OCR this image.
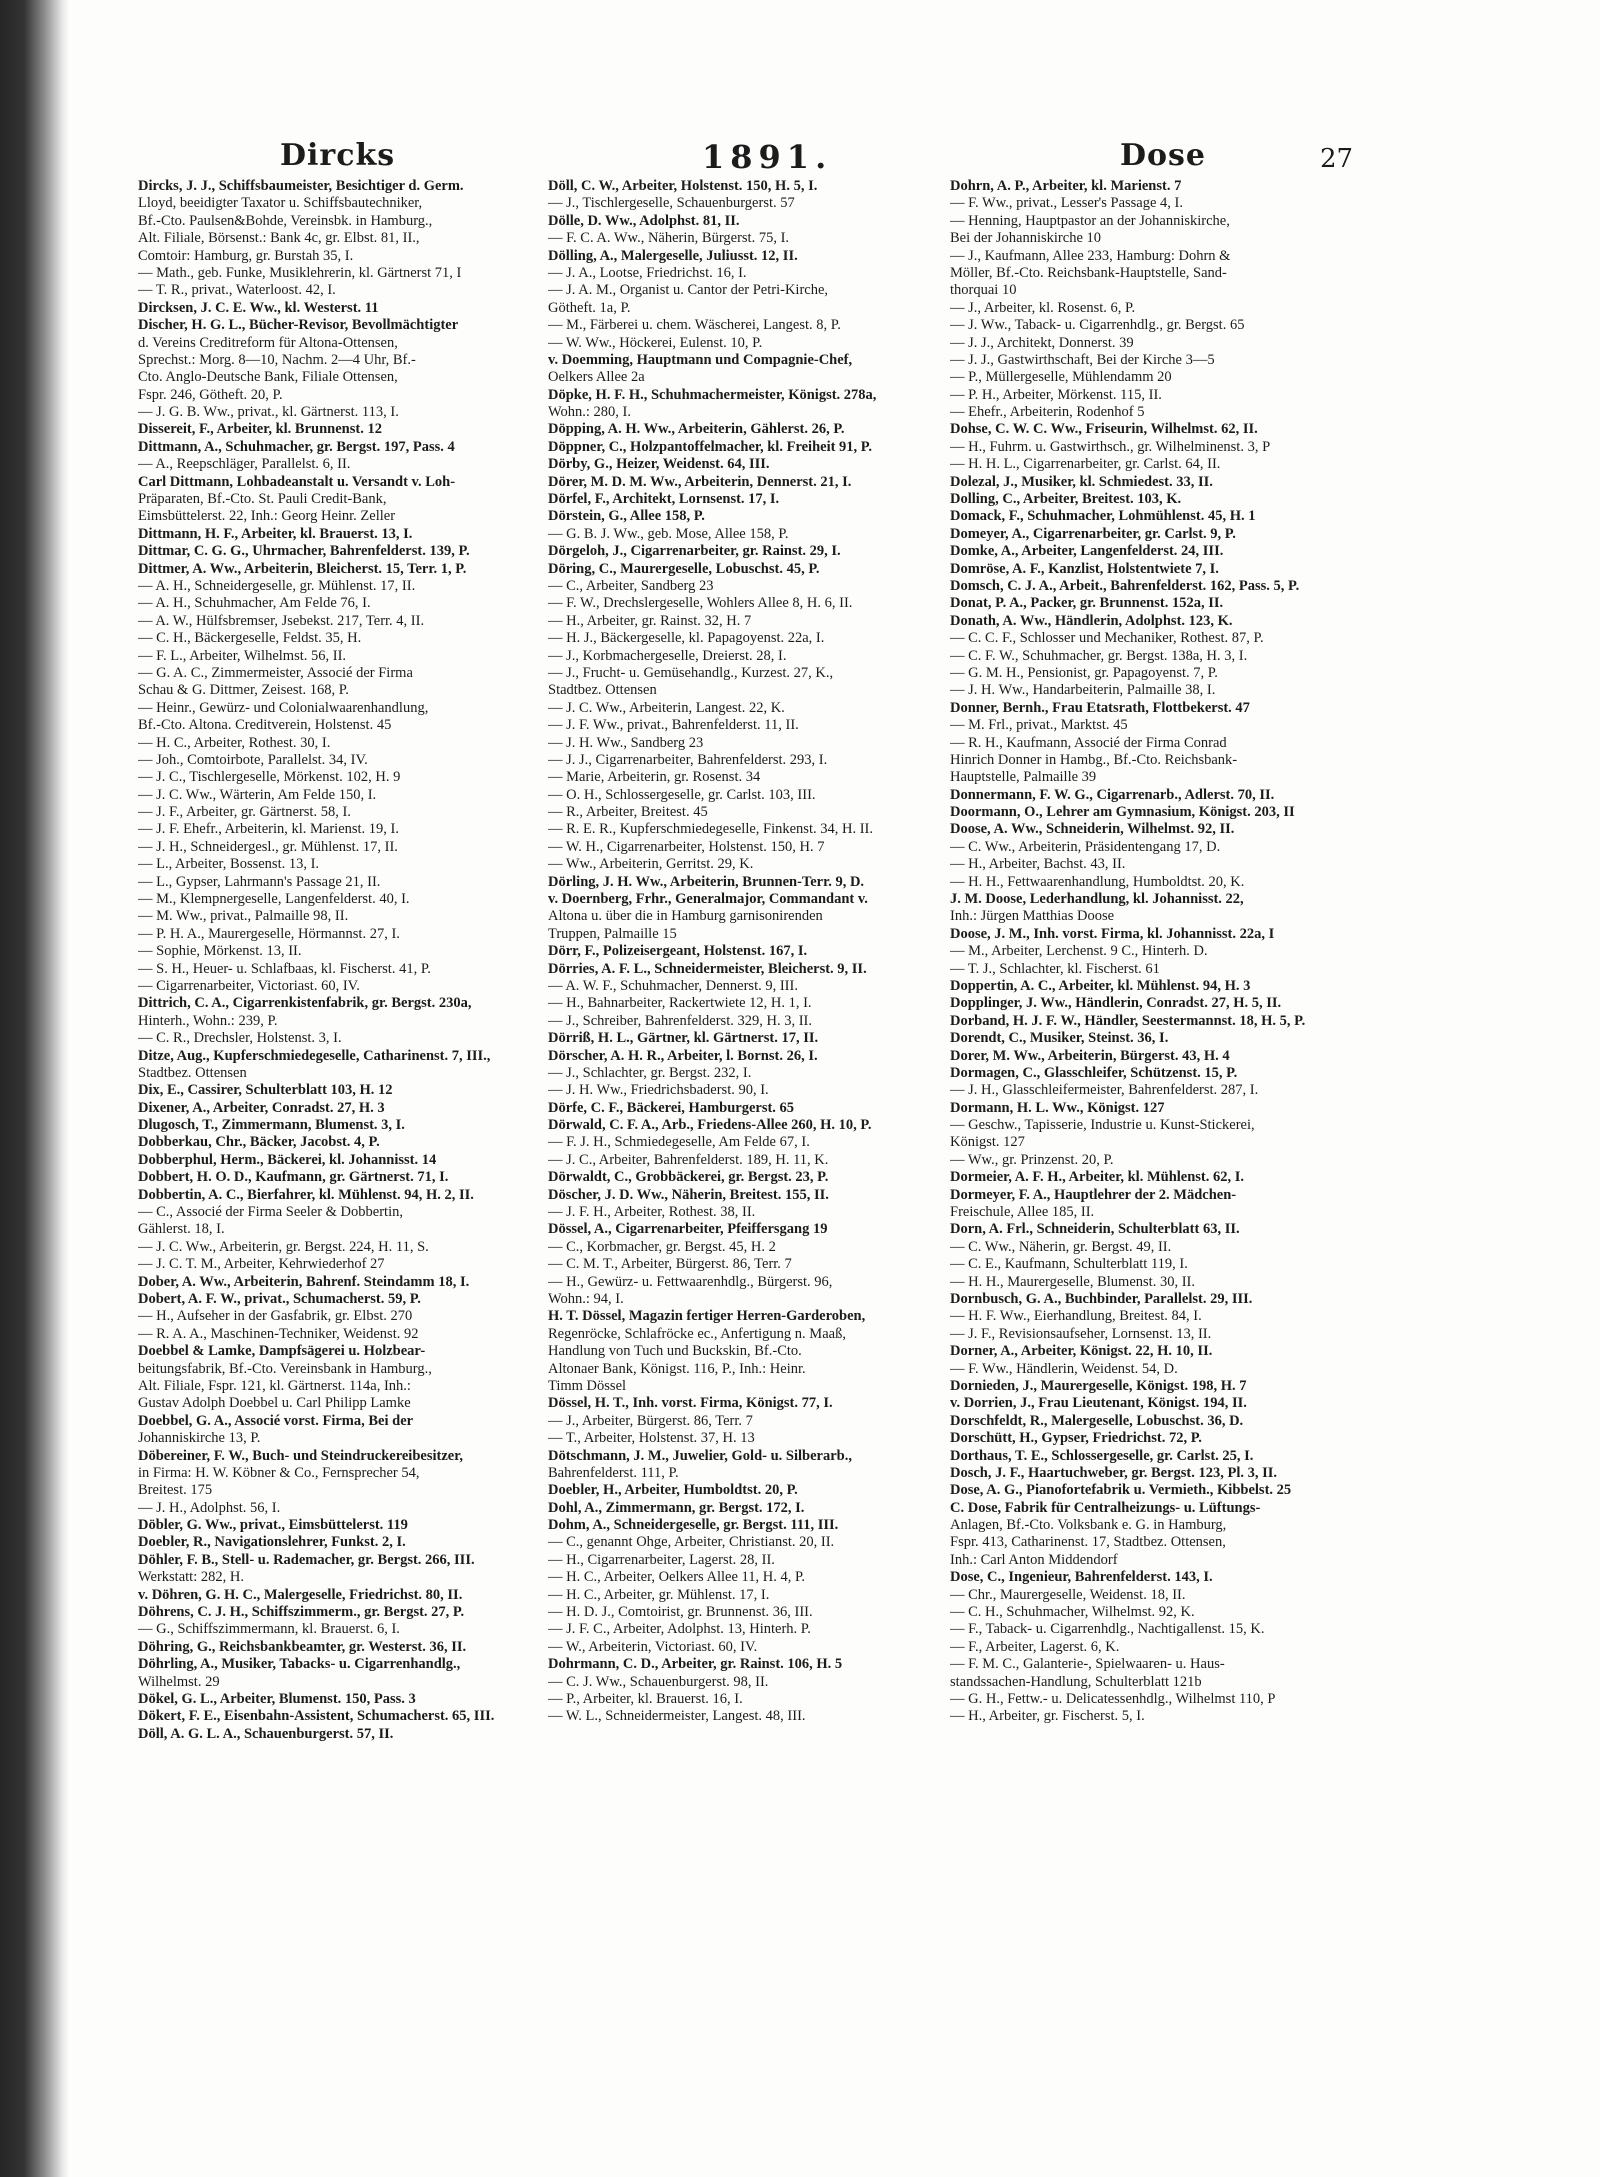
Dircks	1891.	Dose	27
Dircks, J. J., Schiffsbaumeister, Besichtiger d. Germ.
Lloyd, beeidigter Taxator u. Schiffsbautechniker,
Bf.-Cto. Paulsen&Bohde, Vereinsbk. in Hamburg.,
Alt. Filiale, Börsenst.: Bank 4c, gr. Elbst. 81, II.,
Comtoir: Hamburg, gr. Burstah 35, I.
— Math., geb. Funke, Musiklehrerin, kl. Gärtnerst 71, I
— T. R., privat., Waterloost. 42, I.
Dircksen, J. C. E. Ww., kl. Westerst. 11
Discher, H. G. L., Bücher-Revisor, Bevollmächtigter
d. Vereins Creditreform für Altona-Ottensen,
Sprechst.: Morg. 8—10, Nachm. 2—4 Uhr, Bf.-
Cto. Anglo-Deutsche Bank, Filiale Ottensen,
Fspr. 246, Götheft. 20, P.
— J. G. B. Ww., privat., kl. Gärtnerst. 113, I.
Dissereit, F., Arbeiter, kl. Brunnenst. 12
Dittmann, A., Schuhmacher, gr. Bergst. 197, Pass. 4
— A., Reepschläger, Parallelst. 6, II.
Carl Dittmann, Lohbadeanstalt u. Versandt v. Loh-
Präparaten, Bf.-Cto. St. Pauli Credit-Bank,
Eimsbüttelerst. 22, Inh.: Georg Heinr. Zeller
Dittmann, H. F., Arbeiter, kl. Brauerst. 13, I.
Dittmar, C. G. G., Uhrmacher, Bahrenfelderst. 139, P.
Dittmer, A. Ww., Arbeiterin, Bleicherst. 15, Terr. 1, P.
— A. H., Schneidergeselle, gr. Mühlenst. 17, II.
— A. H., Schuhmacher, Am Felde 76, I.
— A. W., Hülfsbremser, Jsebekst. 217, Terr. 4, II.
— C. H., Bäckergeselle, Feldst. 35, H.
— F. L., Arbeiter, Wilhelmst. 56, II.
— G. A. C., Zimmermeister, Associé der Firma
Schau & G. Dittmer, Zeisest. 168, P.
— Heinr., Gewürz- und Colonialwaarenhandlung,
Bf.-Cto. Altona. Creditverein, Holstenst. 45
— H. C., Arbeiter, Rothest. 30, I.
— Joh., Comtoirbote, Parallelst. 34, IV.
— J. C., Tischlergeselle, Mörkenst. 102, H. 9
— J. C. Ww., Wärterin, Am Felde 150, I.
— J. F., Arbeiter, gr. Gärtnerst. 58, I.
— J. F. Ehefr., Arbeiterin, kl. Marienst. 19, I.
— J. H., Schneidergesl., gr. Mühlenst. 17, II.
— L., Arbeiter, Bossenst. 13, I.
— L., Gypser, Lahrmann's Passage 21, II.
— M., Klempnergeselle, Langenfelderst. 40, I.
— M. Ww., privat., Palmaille 98, II.
— P. H. A., Maurergeselle, Hörmannst. 27, I.
— Sophie, Mörkenst. 13, II.
— S. H., Heuer- u. Schlafbaas, kl. Fischerst. 41, P.
— Cigarrenarbeiter, Victoriast. 60, IV.
Dittrich, C. A., Cigarrenkistenfabrik, gr. Bergst. 230a,
Hinterh., Wohn.: 239, P.
— C. R., Drechsler, Holstenst. 3, I.
Ditze, Aug., Kupferschmiedegeselle, Catharinenst. 7, III.,
Stadtbez. Ottensen
Dix, E., Cassirer, Schulterblatt 103, H. 12
Dixener, A., Arbeiter, Conradst. 27, H. 3
Dlugosch, T., Zimmermann, Blumenst. 3, I.
Dobberkau, Chr., Bäcker, Jacobst. 4, P.
Dobberphul, Herm., Bäckerei, kl. Johannisst. 14
Dobbert, H. O. D., Kaufmann, gr. Gärtnerst. 71, I.
Dobbertin, A. C., Bierfahrer, kl. Mühlenst. 94, H. 2, II.
— C., Associé der Firma Seeler & Dobbertin,
Gählerst. 18, I.
— J. C. Ww., Arbeiterin, gr. Bergst. 224, H. 11, S.
— J. C. T. M., Arbeiter, Kehrwiederhof 27
Dober, A. Ww., Arbeiterin, Bahrenf. Steindamm 18, I.
Dobert, A. F. W., privat., Schumacherst. 59, P.
— H., Aufseher in der Gasfabrik, gr. Elbst. 270
— R. A. A., Maschinen-Techniker, Weidenst. 92
Doebbel & Lamke, Dampfsägerei u. Holzbear-
beitungsfabrik, Bf.-Cto. Vereinsbank in Hamburg.,
Alt. Filiale, Fspr. 121, kl. Gärtnerst. 114a, Inh.:
Gustav Adolph Doebbel u. Carl Philipp Lamke
Doebbel, G. A., Associé vorst. Firma, Bei der
Johanniskirche 13, P.
Döbereiner, F. W., Buch- und Steindruckereibesitzer,
in Firma: H. W. Köbner & Co., Fernsprecher 54,
Breitest. 175
— J. H., Adolphst. 56, I.
Döbler, G. Ww., privat., Eimsbüttelerst. 119
Doebler, R., Navigationslehrer, Funkst. 2, I.
Döhler, F. B., Stell- u. Rademacher, gr. Bergst. 266, III.
Werkstatt: 282, H.
v. Döhren, G. H. C., Malergeselle, Friedrichst. 80, II.
Döhrens, C. J. H., Schiffszimmerm., gr. Bergst. 27, P.
— G., Schiffszimmermann, kl. Brauerst. 6, I.
Döhring, G., Reichsbankbeamter, gr. Westerst. 36, II.
Döhrling, A., Musiker, Tabacks- u. Cigarrenhandlg.,
Wilhelmst. 29
Dökel, G. L., Arbeiter, Blumenst. 150, Pass. 3
Dökert, F. E., Eisenbahn-Assistent, Schumacherst. 65, III.
Döll, A. G. L. A., Schauenburgerst. 57, II.
Döll, C. W., Arbeiter, Holstenst. 150, H. 5, I.
— J., Tischlergeselle, Schauenburgerst. 57
Dölle, D. Ww., Adolphst. 81, II.
— F. C. A. Ww., Näherin, Bürgerst. 75, I.
Dölling, A., Malergeselle, Juliusst. 12, II.
— J. A., Lootse, Friedrichst. 16, I.
— J. A. M., Organist u. Cantor der Petri-Kirche,
Götheft. 1a, P.
— M., Färberei u. chem. Wäscherei, Langest. 8, P.
— W. Ww., Höckerei, Eulenst. 10, P.
v. Doemming, Hauptmann und Compagnie-Chef,
Oelkers Allee 2a
Döpke, H. F. H., Schuhmachermeister, Königst. 278a,
Wohn.: 280, I.
Döpping, A. H. Ww., Arbeiterin, Gählerst. 26, P.
Döppner, C., Holzpantoffelmacher, kl. Freiheit 91, P.
Dörby, G., Heizer, Weidenst. 64, III.
Dörer, M. D. M. Ww., Arbeiterin, Dennerst. 21, I.
Dörfel, F., Architekt, Lornsenst. 17, I.
Dörstein, G., Allee 158, P.
— G. B. J. Ww., geb. Mose, Allee 158, P.
Dörgeloh, J., Cigarrenarbeiter, gr. Rainst. 29, I.
Döring, C., Maurergeselle, Lobuschst. 45, P.
— C., Arbeiter, Sandberg 23
— F. W., Drechslergeselle, Wohlers Allee 8, H. 6, II.
— H., Arbeiter, gr. Rainst. 32, H. 7
— H. J., Bäckergeselle, kl. Papagoyenst. 22a, I.
— J., Korbmachergeselle, Dreierst. 28, I.
— J., Frucht- u. Gemüsehandlg., Kurzest. 27, K.,
Stadtbez. Ottensen
— J. C. Ww., Arbeiterin, Langest. 22, K.
— J. F. Ww., privat., Bahrenfelderst. 11, II.
— J. H. Ww., Sandberg 23
— J. J., Cigarrenarbeiter, Bahrenfelderst. 293, I.
— Marie, Arbeiterin, gr. Rosenst. 34
— O. H., Schlossergeselle, gr. Carlst. 103, III.
— R., Arbeiter, Breitest. 45
— R. E. R., Kupferschmiedegeselle, Finkenst. 34, H. II.
— W. H., Cigarrenarbeiter, Holstenst. 150, H. 7
— Ww., Arbeiterin, Gerritst. 29, K.
Dörling, J. H. Ww., Arbeiterin, Brunnen-Terr. 9, D.
v. Doernberg, Frhr., Generalmajor, Commandant v.
Altona u. über die in Hamburg garnisonirenden
Truppen, Palmaille 15
Dörr, F., Polizeisergeant, Holstenst. 167, I.
Dörries, A. F. L., Schneidermeister, Bleicherst. 9, II.
— A. W. F., Schuhmacher, Dennerst. 9, III.
— H., Bahnarbeiter, Rackertwiete 12, H. 1, I.
— J., Schreiber, Bahrenfelderst. 329, H. 3, II.
Dörriß, H. L., Gärtner, kl. Gärtnerst. 17, II.
Dörscher, A. H. R., Arbeiter, l. Bornst. 26, I.
— J., Schlachter, gr. Bergst. 232, I.
— J. H. Ww., Friedrichsbaderst. 90, I.
Dörfe, C. F., Bäckerei, Hamburgerst. 65
Dörwald, C. F. A., Arb., Friedens-Allee 260, H. 10, P.
— F. J. H., Schmiedegeselle, Am Felde 67, I.
— J. C., Arbeiter, Bahrenfelderst. 189, H. 11, K.
Dörwaldt, C., Grobbäckerei, gr. Bergst. 23, P.
Döscher, J. D. Ww., Näherin, Breitest. 155, II.
— J. F. H., Arbeiter, Rothest. 38, II.
Dössel, A., Cigarrenarbeiter, Pfeiffersgang 19
— C., Korbmacher, gr. Bergst. 45, H. 2
— C. M. T., Arbeiter, Bürgerst. 86, Terr. 7
— H., Gewürz- u. Fettwaarenhdlg., Bürgerst. 96,
Wohn.: 94, I.
H. T. Dössel, Magazin fertiger Herren-Garderoben,
Regenröcke, Schlafröcke ec., Anfertigung n. Maaß,
Handlung von Tuch und Buckskin, Bf.-Cto.
Altonaer Bank, Königst. 116, P., Inh.: Heinr.
Timm Dössel
Dössel, H. T., Inh. vorst. Firma, Königst. 77, I.
— J., Arbeiter, Bürgerst. 86, Terr. 7
— T., Arbeiter, Holstenst. 37, H. 13
Dötschmann, J. M., Juwelier, Gold- u. Silberarb.,
Bahrenfelderst. 111, P.
Doebler, H., Arbeiter, Humboldtst. 20, P.
Dohl, A., Zimmermann, gr. Bergst. 172, I.
Dohm, A., Schneidergeselle, gr. Bergst. 111, III.
— C., genannt Ohge, Arbeiter, Christianst. 20, II.
— H., Cigarrenarbeiter, Lagerst. 28, II.
— H. C., Arbeiter, Oelkers Allee 11, H. 4, P.
— H. C., Arbeiter, gr. Mühlenst. 17, I.
— H. D. J., Comtoirist, gr. Brunnenst. 36, III.
— J. F. C., Arbeiter, Adolphst. 13, Hinterh. P.
— W., Arbeiterin, Victoriast. 60, IV.
Dohrmann, C. D., Arbeiter, gr. Rainst. 106, H. 5
— C. J. Ww., Schauenburgerst. 98, II.
— P., Arbeiter, kl. Brauerst. 16, I.
— W. L., Schneidermeister, Langest. 48, III.
Dohrn, A. P., Arbeiter, kl. Marienst. 7
— F. Ww., privat., Lesser's Passage 4, I.
— Henning, Hauptpastor an der Johanniskirche,
Bei der Johanniskirche 10
— J., Kaufmann, Allee 233, Hamburg: Dohrn &
Möller, Bf.-Cto. Reichsbank-Hauptstelle, Sand-
thorquai 10
— J., Arbeiter, kl. Rosenst. 6, P.
— J. Ww., Taback- u. Cigarrenhdlg., gr. Bergst. 65
— J. J., Architekt, Donnerst. 39
— J. J., Gastwirthschaft, Bei der Kirche 3—5
— P., Müllergeselle, Mühlendamm 20
— P. H., Arbeiter, Mörkenst. 115, II.
— Ehefr., Arbeiterin, Rodenhof 5
Dohse, C. W. C. Ww., Friseurin, Wilhelmst. 62, II.
— H., Fuhrm. u. Gastwirthsch., gr. Wilhelminenst. 3, P
— H. H. L., Cigarrenarbeiter, gr. Carlst. 64, II.
Dolezal, J., Musiker, kl. Schmiedest. 33, II.
Dolling, C., Arbeiter, Breitest. 103, K.
Domack, F., Schuhmacher, Lohmühlenst. 45, H. 1
Domeyer, A., Cigarrenarbeiter, gr. Carlst. 9, P.
Domke, A., Arbeiter, Langenfelderst. 24, III.
Domröse, A. F., Kanzlist, Holstentwiete 7, I.
Domsch, C. J. A., Arbeit., Bahrenfelderst. 162, Pass. 5, P.
Donat, P. A., Packer, gr. Brunnenst. 152a, II.
Donath, A. Ww., Händlerin, Adolphst. 123, K.
— C. C. F., Schlosser und Mechaniker, Rothest. 87, P.
— C. F. W., Schuhmacher, gr. Bergst. 138a, H. 3, I.
— G. M. H., Pensionist, gr. Papagoyenst. 7, P.
— J. H. Ww., Handarbeiterin, Palmaille 38, I.
Donner, Bernh., Frau Etatsrath, Flottbekerst. 47
— M. Frl., privat., Marktst. 45
— R. H., Kaufmann, Associé der Firma Conrad
Hinrich Donner in Hambg., Bf.-Cto. Reichsbank-
Hauptstelle, Palmaille 39
Donnermann, F. W. G., Cigarrenarb., Adlerst. 70, II.
Doormann, O., Lehrer am Gymnasium, Königst. 203, II
Doose, A. Ww., Schneiderin, Wilhelmst. 92, II.
— C. Ww., Arbeiterin, Präsidentengang 17, D.
— H., Arbeiter, Bachst. 43, II.
— H. H., Fettwaarenhandlung, Humboldtst. 20, K.
J. M. Doose, Lederhandlung, kl. Johannisst. 22,
Inh.: Jürgen Matthias Doose
Doose, J. M., Inh. vorst. Firma, kl. Johannisst. 22a, I
— M., Arbeiter, Lerchenst. 9 C., Hinterh. D.
— T. J., Schlachter, kl. Fischerst. 61
Doppertin, A. C., Arbeiter, kl. Mühlenst. 94, H. 3
Dopplinger, J. Ww., Händlerin, Conradst. 27, H. 5, II.
Dorband, H. J. F. W., Händler, Seestermannst. 18, H. 5, P.
Dorendt, C., Musiker, Steinst. 36, I.
Dorer, M. Ww., Arbeiterin, Bürgerst. 43, H. 4
Dormagen, C., Glasschleifer, Schützenst. 15, P.
— J. H., Glasschleifermeister, Bahrenfelderst. 287, I.
Dormann, H. L. Ww., Königst. 127
— Geschw., Tapisserie, Industrie u. Kunst-Stickerei,
Königst. 127
— Ww., gr. Prinzenst. 20, P.
Dormeier, A. F. H., Arbeiter, kl. Mühlenst. 62, I.
Dormeyer, F. A., Hauptlehrer der 2. Mädchen-
Freischule, Allee 185, II.
Dorn, A. Frl., Schneiderin, Schulterblatt 63, II.
— C. Ww., Näherin, gr. Bergst. 49, II.
— C. E., Kaufmann, Schulterblatt 119, I.
— H. H., Maurergeselle, Blumenst. 30, II.
Dornbusch, G. A., Buchbinder, Parallelst. 29, III.
— H. F. Ww., Eierhandlung, Breitest. 84, I.
— J. F., Revisionsaufseher, Lornsenst. 13, II.
Dorner, A., Arbeiter, Königst. 22, H. 10, II.
— F. Ww., Händlerin, Weidenst. 54, D.
Dornieden, J., Maurergeselle, Königst. 198, H. 7
v. Dorrien, J., Frau Lieutenant, Königst. 194, II.
Dorschfeldt, R., Malergeselle, Lobuschst. 36, D.
Dorschütt, H., Gypser, Friedrichst. 72, P.
Dorthaus, T. E., Schlossergeselle, gr. Carlst. 25, I.
Dosch, J. F., Haartuchweber, gr. Bergst. 123, Pl. 3, II.
Dose, A. G., Pianofortefabrik u. Vermieth., Kibbelst. 25
C. Dose, Fabrik für Centralheizungs- u. Lüftungs-
Anlagen, Bf.-Cto. Volksbank e. G. in Hamburg,
Fspr. 413, Catharinenst. 17, Stadtbez. Ottensen,
Inh.: Carl Anton Middendorf
Dose, C., Ingenieur, Bahrenfelderst. 143, I.
— Chr., Maurergeselle, Weidenst. 18, II.
— C. H., Schuhmacher, Wilhelmst. 92, K.
— F., Taback- u. Cigarrenhdlg., Nachtigallenst. 15, K.
— F., Arbeiter, Lagerst. 6, K.
— F. M. C., Galanterie-, Spielwaaren- u. Haus-
standssachen-Handlung, Schulterblatt 121b
— G. H., Fettw.- u. Delicatessenhdlg., Wilhelmst 110, P
— H., Arbeiter, gr. Fischerst. 5, I.
